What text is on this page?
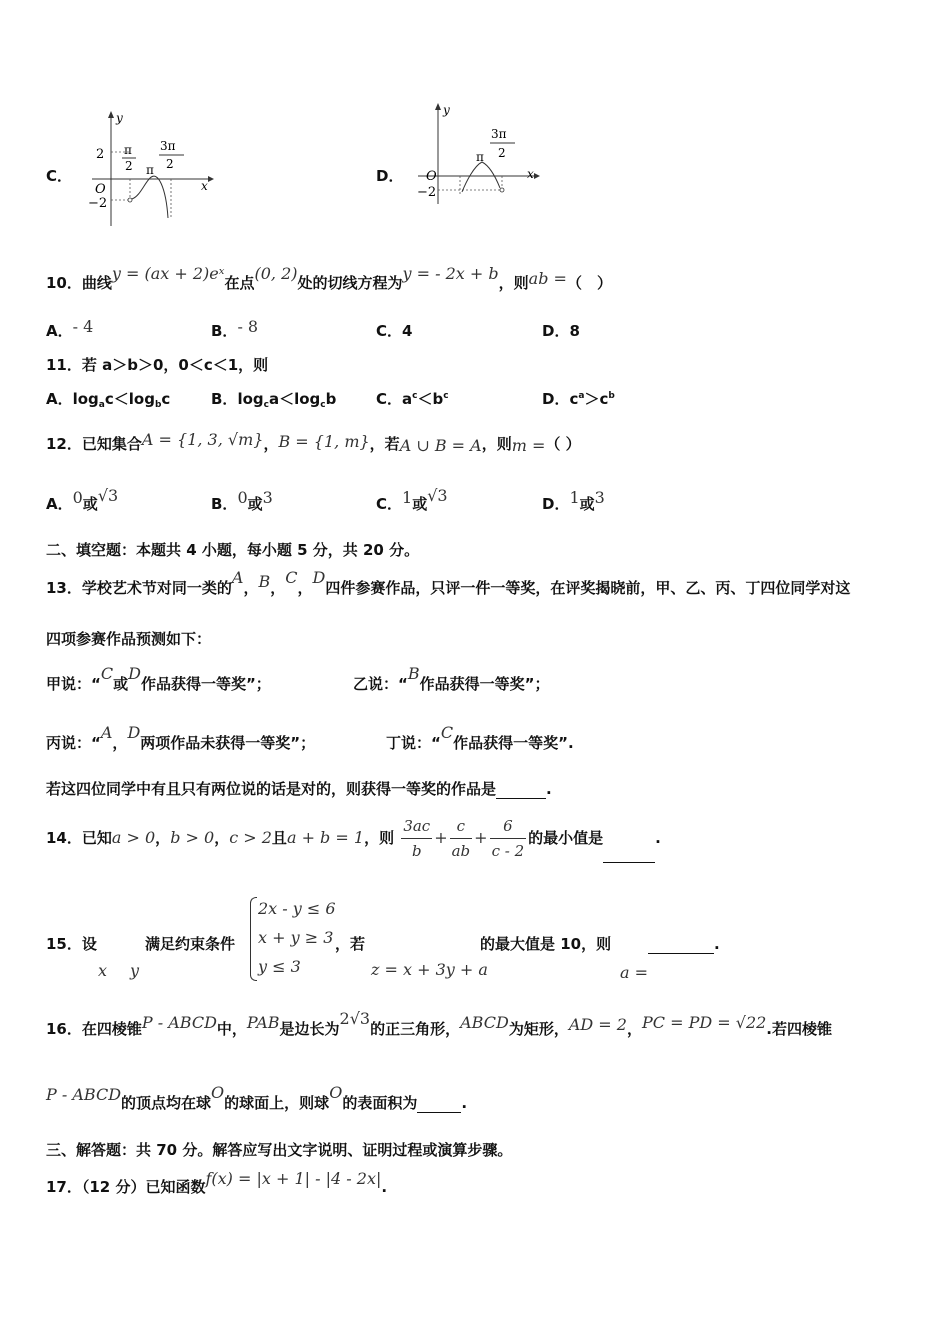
C．
y
x
O
2
−2
π
2 π
3π
2
D．
y
x
O
−2
π
3π
2
10．曲线y = (ax + 2)eˣ在点(0, 2)处的切线方程为y = - 2x + b，则ab =（　）
A．- 4	B．- 8	C．4	D．8
11．若 a＞b＞0，0＜c＜1，则
A．$\log_ac<\log_bc$	B．$\log_ca<\log_cb$	C．$a^c<b^c$	D．$c^a>c^b$
12．已知集合A = {1, 3, √m}，B = {1, m}，若A ∪ B = A，则m =（ ）
A．0或√3	B．0或3	C．1或√3	D．1或3
二、填空题：本题共 4 小题，每小题 5 分，共 20 分。
13．学校艺术节对同一类的A，B，C，D四件参赛作品，只评一件一等奖，在评奖揭晓前，甲、乙、丙、丁四位同学对这
四项参赛作品预测如下：
甲说：“C或D作品获得一等奖”；	乙说：“B作品获得一等奖”；
丙说：“A，D两项作品未获得一等奖”；	丁说：“C作品获得一等奖”.
若这四位同学中有且只有两位说的话是对的，则获得一等奖的作品是	.
14．已知a > 0，b > 0，c > 2且a + b = 1，则 $\frac{3ac}{b} + \frac{c}{ab} + \frac{6}{c - 2}$ 的最小值是	.
15．设
x y
满足约束条件
2x - y ≤ 6
x + y ≥ 3
y ≤ 3
，若
z = x + 3y + a
的最大值是 10，则
a =
.
16．在四棱锥P - ABCD中，PAB是边长为2√3的正三角形，ABCD为矩形，AD = 2，PC = PD = √22.若四棱锥
P - ABCD的顶点均在球O的球面上，则球O的表面积为	.
三、解答题：共 70 分。解答应写出文字说明、证明过程或演算步骤。
17．（12 分）已知函数f(x) = |x + 1| - |4 - 2x|.
